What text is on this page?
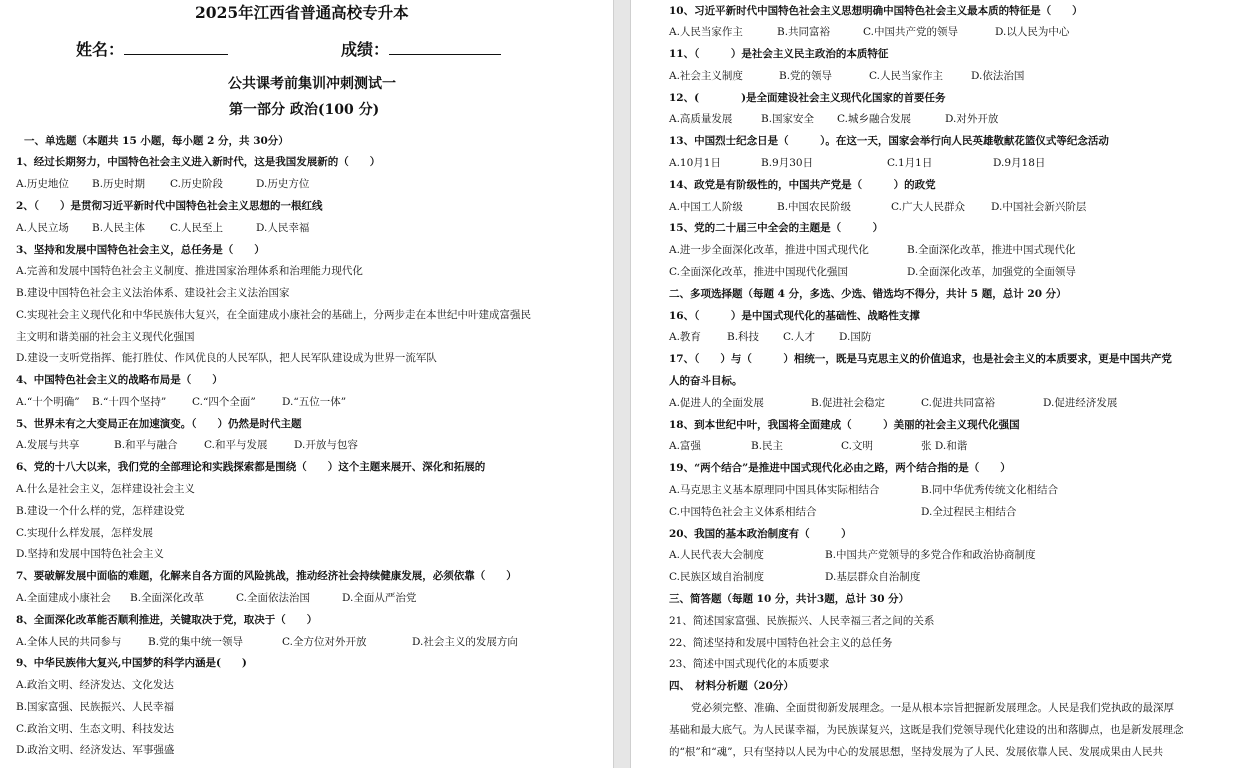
2025年江西省普通高校专升本
姓名：	成绩：
公共课考前集训冲刺测试一
第一部分 政治(100 分)
一、单选题（本题共 15 小题，每小题 2 分，共 30分）
1、经过长期努力，中国特色社会主义进入新时代，这是我国发展新的（　　）
A.历史地位 B.历史时期 C.历史阶段	D.历史方位
2、（　　）是贯彻习近平新时代中国特色社会主义思想的一根红线
A.人民立场 B.人民主体 C.人民至上	D.人民幸福
3、坚持和发展中国特色社会主义，总任务是（　　）
A.完善和发展中国特色社会主义制度、推进国家治理体系和治理能力现代化
B.建设中国特色社会主义法治体系、建设社会主义法治国家
C.实现社会主义现代化和中华民族伟大复兴，在全面建成小康社会的基础上，分两步走在本世纪中叶建成富强民
主文明和谐美丽的社会主义现代化强国
D.建设一支听党指挥、能打胜仗、作风优良的人民军队，把人民军队建设成为世界一流军队
4、中国特色社会主义的战略布局是（　　）
A.“十个明确” B.“十四个坚持” C.“四个全面”	D.“五位一体”
5、世界未有之大变局正在加速演变。（　　）仍然是时代主题
A.发展与共享	B.和平与融合	C.和平与发展	D.开放与包容
6、党的十八大以来，我们党的全部理论和实践探索都是围绕（　　）这个主题来展开、深化和拓展的
A.什么是社会主义，怎样建设社会主义
B.建设一个什么样的党，怎样建设党
C.实现什么样发展，怎样发展
D.坚持和发展中国特色社会主义
7、要破解发展中面临的难题，化解来自各方面的风险挑战，推动经济社会持续健康发展，必须依靠（　　）
A.全面建成小康社会 B.全面深化改革	C.全面依法治国	D.全面从严治党
8、全面深化改革能否顺利推进，关键取决于党，取决于（　　）
A.全体人民的共同参与	B.党的集中统一领导	C.全方位对外开放	D.社会主义的发展方向
9、中华民族伟大复兴,中国梦的科学内涵是(　　)
A.政治文明、经济发达、文化发达
B.国家富强、民族振兴、人民幸福
C.政治文明、生态文明、科技发达
D.政治文明、经济发达、军事强盛
10、习近平新时代中国特色社会主义思想明确中国特色社会主义最本质的特征是（　　）
A.人民当家作主	B.共同富裕	C.中国共产党的领导	D.以人民为中心
11、（　　　）是社会主义民主政治的本质特征
A.社会主义制度	B.党的领导	C.人民当家作主	D.依法治国
12、(　　　　)是全面建设社会主义现代化国家的首要任务
A.高质量发展	B.国家安全 C.城乡融合发展	D.对外开放
13、中国烈士纪念日是（　　　）。在这一天，国家会举行向人民英雄敬献花篮仪式等纪念活动
A.10月1日	B.9月30日	C.1月1日	D.9月18日
14、政党是有阶级性的，中国共产党是（　　　）的政党
A.中国工人阶级	B.中国农民阶级	C.广大人民群众 D.中国社会新兴阶层
15、党的二十届三中全会的主题是（　　　）
A.进一步全面深化改革，推进中国式现代化	B.全面深化改革，推进中国式现代化
C.全面深化改革，推进中国现代化强国	D.全面深化改革，加强党的全面领导
二、多项选择题（每题 4 分，多选、少选、错选均不得分，共计 5 题，总计 20 分）
16、（　　　）是中国式现代化的基础性、战略性支撑
A.教育 B.科技 C.人才 D.国防
17、（　　）与（　　　）相统一，既是马克思主义的价值追求，也是社会主义的本质要求，更是中国共产党
人的奋斗目标。
A.促进人的全面发展	B.促进社会稳定	C.促进共同富裕	D.促进经济发展
18、到本世纪中叶，我国将全面建成（　　　）美丽的社会主义现代化强国
A.富强	B.民主	C.文明	张 D.和谐
19、“两个结合”是推进中国式现代化必由之路，两个结合指的是（　　）
A.马克思主义基本原理同中国具体实际相结合	B.同中华优秀传统文化相结合
C.中国特色社会主义体系相结合	D.全过程民主相结合
20、我国的基本政治制度有（　　　）
A.人民代表大会制度	B.中国共产党领导的多党合作和政治协商制度
C.民族区域自治制度	D.基层群众自治制度
三、简答题（每题 10 分，共计3题，总计 30 分）
21、简述国家富强、民族振兴、人民幸福三者之间的关系
22、简述坚持和发展中国特色社会主义的总任务
23、简述中国式现代化的本质要求
四、　材料分析题（20分）
党必须完整、准确、全面贯彻新发展理念。一是从根本宗旨把握新发展理念。人民是我们党执政的最深厚
基础和最大底气。为人民谋幸福，为民族谋复兴，这既是我们党领导现代化建设的出和落脚点，也是新发展理念
的“根”和“魂”，只有坚持以人民为中心的发展思想，坚持发展为了人民、发展依靠人民、发展成果由人民共
